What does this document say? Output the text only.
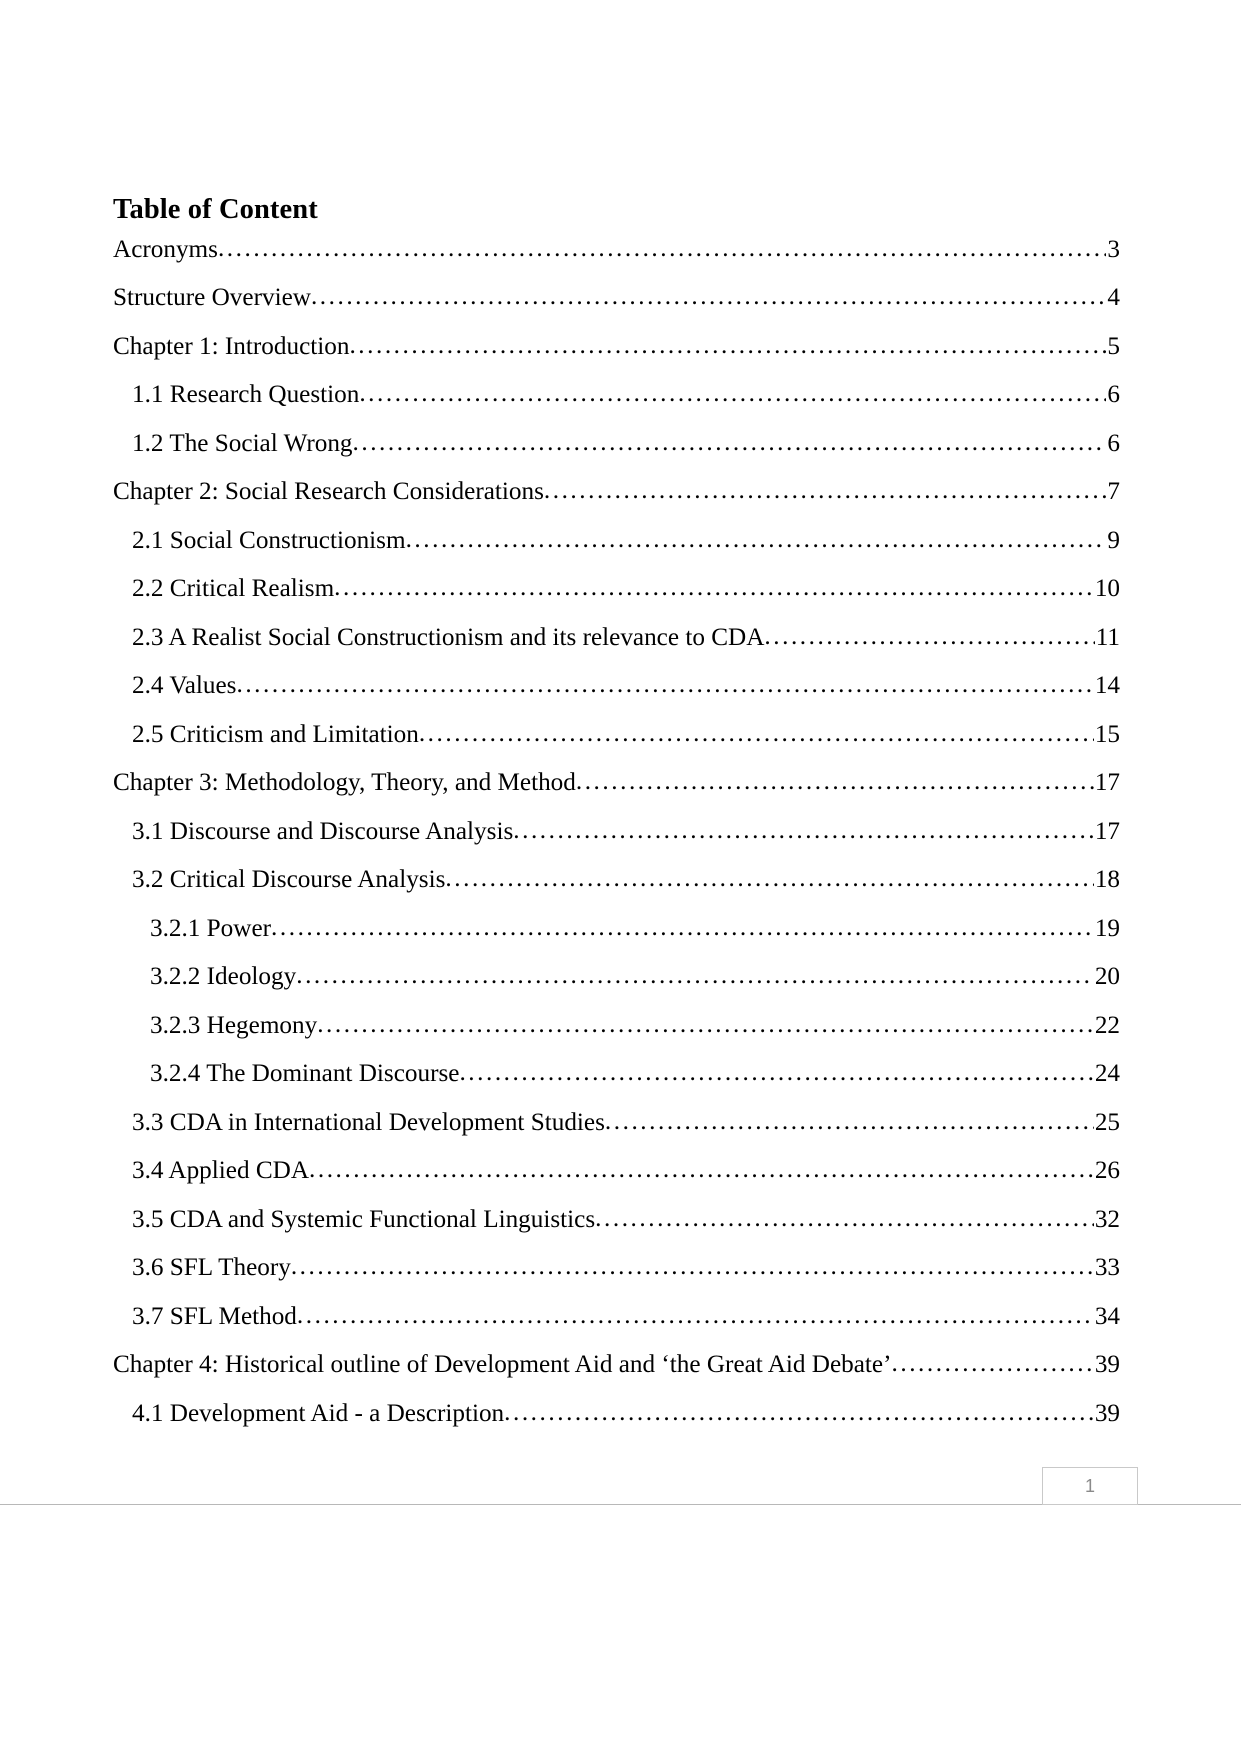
Table of Content
Acronyms .....	3
Structure Overview .....	4
Chapter 1: Introduction .....	5
1.1 Research Question .....	6
1.2 The Social Wrong .....	6
Chapter 2: Social Research Considerations .....	7
2.1 Social Constructionism .....	9
2.2 Critical Realism .....	10
2.3 A Realist Social Constructionism and its relevance to CDA .....	11
2.4 Values .....	14
2.5 Criticism and Limitation .....	15
Chapter 3: Methodology, Theory, and Method .....	17
3.1 Discourse and Discourse Analysis .....	17
3.2 Critical Discourse Analysis .....	18
3.2.1 Power .....	19
3.2.2 Ideology .....	20
3.2.3 Hegemony .....	22
3.2.4 The Dominant Discourse .....	24
3.3 CDA in International Development Studies .....	25
3.4 Applied CDA .....	26
3.5 CDA and Systemic Functional Linguistics .....	32
3.6 SFL Theory .....	33
3.7 SFL Method .....	34
Chapter 4: Historical outline of Development Aid and ‘the Great Aid Debate’ .....	39
4.1 Development Aid - a Description .....	39
1
